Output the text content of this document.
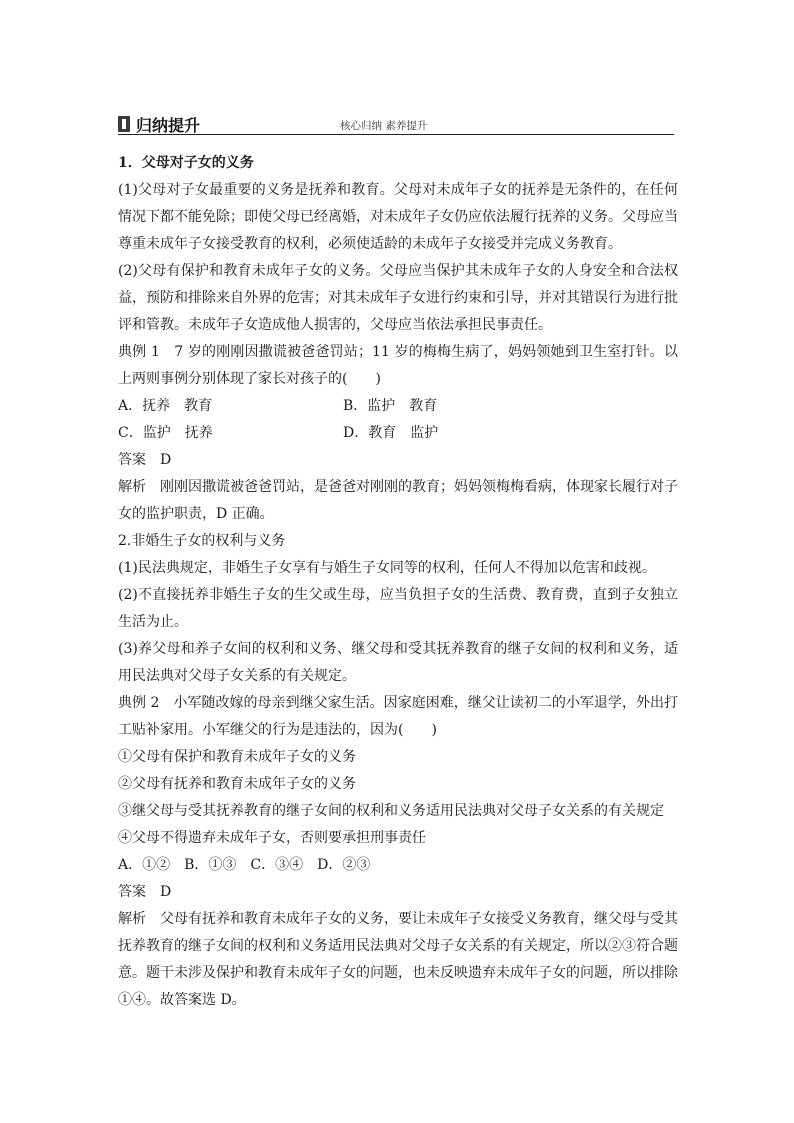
归纳提升	核心归纳 素养提升

1．父母对子女的义务

(1)父母对子女最重要的义务是抚养和教育。父母对未成年子女的抚养是无条件的，在任何情况下都不能免除；即使父母已经离婚，对未成年子女仍应依法履行抚养的义务。父母应当尊重未成年子女接受教育的权利，必须使适龄的未成年子女接受并完成义务教育。

(2)父母有保护和教育未成年子女的义务。父母应当保护其未成年子女的人身安全和合法权益，预防和排除来自外界的危害；对其未成年子女进行约束和引导，并对其错误行为进行批评和管教。未成年子女造成他人损害的，父母应当依法承担民事责任。

典例 1　7 岁的刚刚因撒谎被爸爸罚站；11 岁的梅梅生病了，妈妈领她到卫生室打针。以上两则事例分别体现了家长对孩子的(　　)

A．抚养　教育	B．监护　教育
C．监护　抚养	D．教育　监护

答案　D

解析　刚刚因撒谎被爸爸罚站，是爸爸对刚刚的教育；妈妈领梅梅看病，体现家长履行对子女的监护职责，D 正确。

2.非婚生子女的权利与义务

(1)民法典规定，非婚生子女享有与婚生子女同等的权利，任何人不得加以危害和歧视。

(2)不直接抚养非婚生子女的生父或生母，应当负担子女的生活费、教育费，直到子女独立生活为止。

(3)养父母和养子女间的权利和义务、继父母和受其抚养教育的继子女间的权利和义务，适用民法典对父母子女关系的有关规定。

典例 2　小军随改嫁的母亲到继父家生活。因家庭困难，继父让读初二的小军退学，外出打工贴补家用。小军继父的行为是违法的，因为(　　)

①父母有保护和教育未成年子女的义务

②父母有抚养和教育未成年子女的义务

③继父母与受其抚养教育的继子女间的权利和义务适用民法典对父母子女关系的有关规定

④父母不得遗弃未成年子女，否则要承担刑事责任

A．①② B．①③ C．③④ D．②③

答案　D

解析　父母有抚养和教育未成年子女的义务，要让未成年子女接受义务教育，继父母与受其抚养教育的继子女间的权利和义务适用民法典对父母子女关系的有关规定，所以②③符合题意。题干未涉及保护和教育未成年子女的问题，也未反映遗弃未成年子女的问题，所以排除①④。故答案选 D。
